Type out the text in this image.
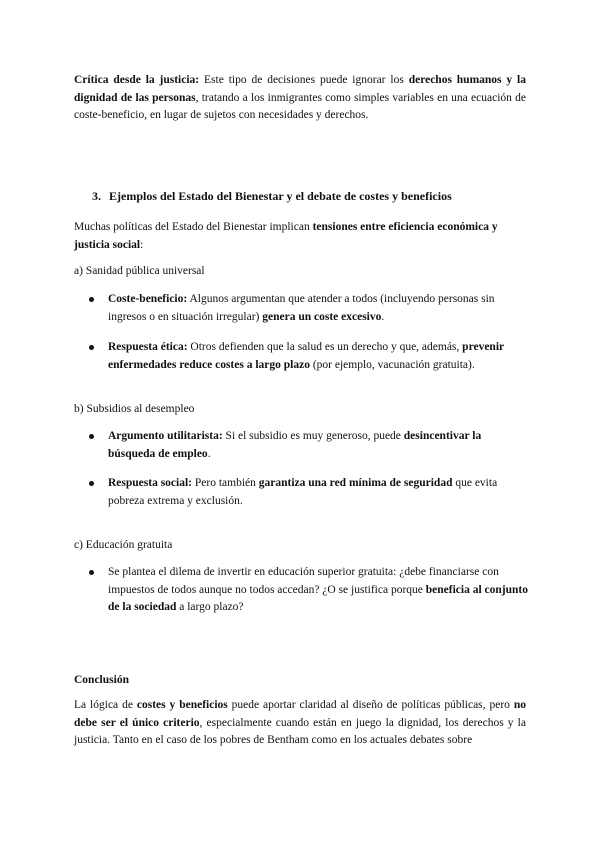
Crítica desde la justicia: Este tipo de decisiones puede ignorar los derechos humanos y la dignidad de las personas, tratando a los inmigrantes como simples variables en una ecuación de coste-beneficio, en lugar de sujetos con necesidades y derechos.

3. Ejemplos del Estado del Bienestar y el debate de costes y beneficios

Muchas políticas del Estado del Bienestar implican tensiones entre eficiencia económica y justicia social:

a) Sanidad pública universal

Coste-beneficio: Algunos argumentan que atender a todos (incluyendo personas sin ingresos o en situación irregular) genera un coste excesivo.

Respuesta ética: Otros defienden que la salud es un derecho y que, además, prevenir enfermedades reduce costes a largo plazo (por ejemplo, vacunación gratuita).

b) Subsidios al desempleo

Argumento utilitarista: Si el subsidio es muy generoso, puede desincentivar la búsqueda de empleo.

Respuesta social: Pero también garantiza una red mínima de seguridad que evita pobreza extrema y exclusión.

c) Educación gratuita

Se plantea el dilema de invertir en educación superior gratuita: ¿debe financiarse con impuestos de todos aunque no todos accedan? ¿O se justifica porque beneficia al conjunto de la sociedad a largo plazo?

Conclusión

La lógica de costes y beneficios puede aportar claridad al diseño de políticas públicas, pero no debe ser el único criterio, especialmente cuando están en juego la dignidad, los derechos y la justicia. Tanto en el caso de los pobres de Bentham como en los actuales debates sobre
